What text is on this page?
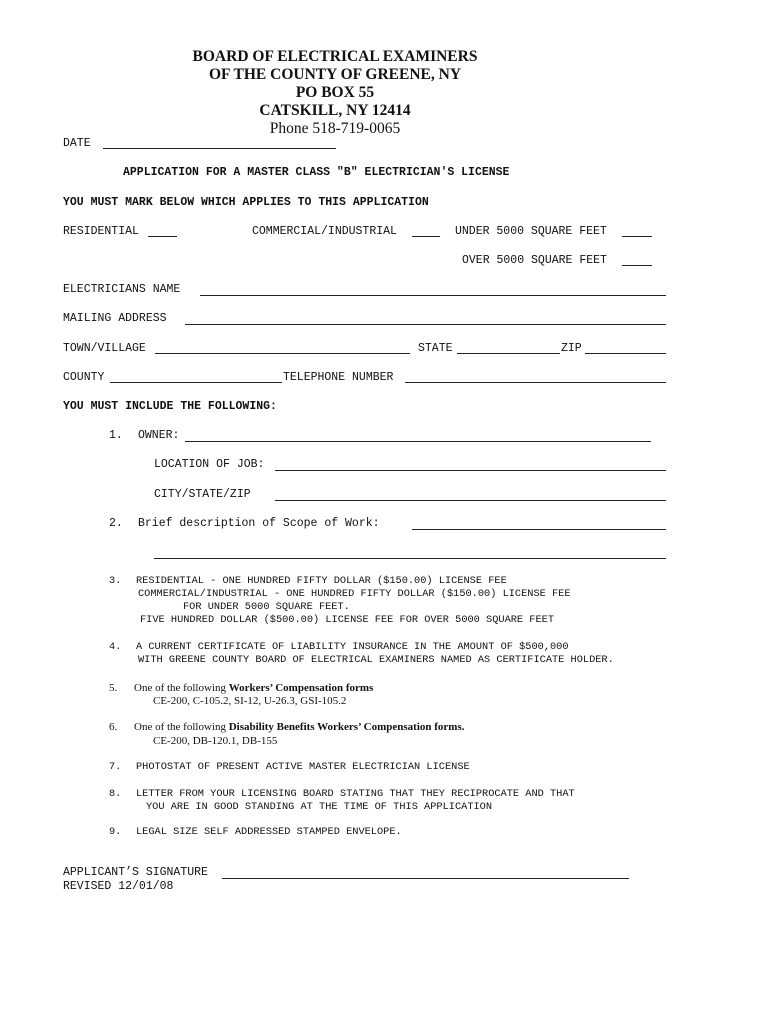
BOARD OF ELECTRICAL EXAMINERS
OF THE COUNTY OF GREENE, NY
PO BOX 55
CATSKILL, NY 12414
Phone 518-719-0065
DATE
APPLICATION FOR A MASTER CLASS "B" ELECTRICIAN'S LICENSE
YOU MUST MARK BELOW WHICH APPLIES TO THIS APPLICATION
RESIDENTIAL	COMMERCIAL/INDUSTRIAL	UNDER 5000 SQUARE FEET
OVER 5000 SQUARE FEET
ELECTRICIANS NAME
MAILING ADDRESS
TOWN/VILLAGE	STATE	ZIP
COUNTY	TELEPHONE NUMBER
YOU MUST INCLUDE THE FOLLOWING:
1. OWNER:
LOCATION OF JOB:
CITY/STATE/ZIP
2. Brief description of Scope of Work:
3. RESIDENTIAL - ONE HUNDRED FIFTY DOLLAR ($150.00) LICENSE FEE
COMMERCIAL/INDUSTRIAL - ONE HUNDRED FIFTY DOLLAR ($150.00) LICENSE FEE
FOR UNDER 5000 SQUARE FEET.
FIVE HUNDRED DOLLAR ($500.00) LICENSE FEE FOR OVER 5000 SQUARE FEET
4. A CURRENT CERTIFICATE OF LIABILITY INSURANCE IN THE AMOUNT OF $500,000
WITH GREENE COUNTY BOARD OF ELECTRICAL EXAMINERS NAMED AS CERTIFICATE HOLDER.
5. One of the following Workers’ Compensation forms
CE-200, C-105.2, SI-12, U-26.3, GSI-105.2
6. One of the following Disability Benefits Workers’ Compensation forms.
CE-200, DB-120.1, DB-155
7. PHOTOSTAT OF PRESENT ACTIVE MASTER ELECTRICIAN LICENSE
8. LETTER FROM YOUR LICENSING BOARD STATING THAT THEY RECIPROCATE AND THAT
YOU ARE IN GOOD STANDING AT THE TIME OF THIS APPLICATION
9. LEGAL SIZE SELF ADDRESSED STAMPED ENVELOPE.
APPLICANT’S SIGNATURE
REVISED 12/01/08
